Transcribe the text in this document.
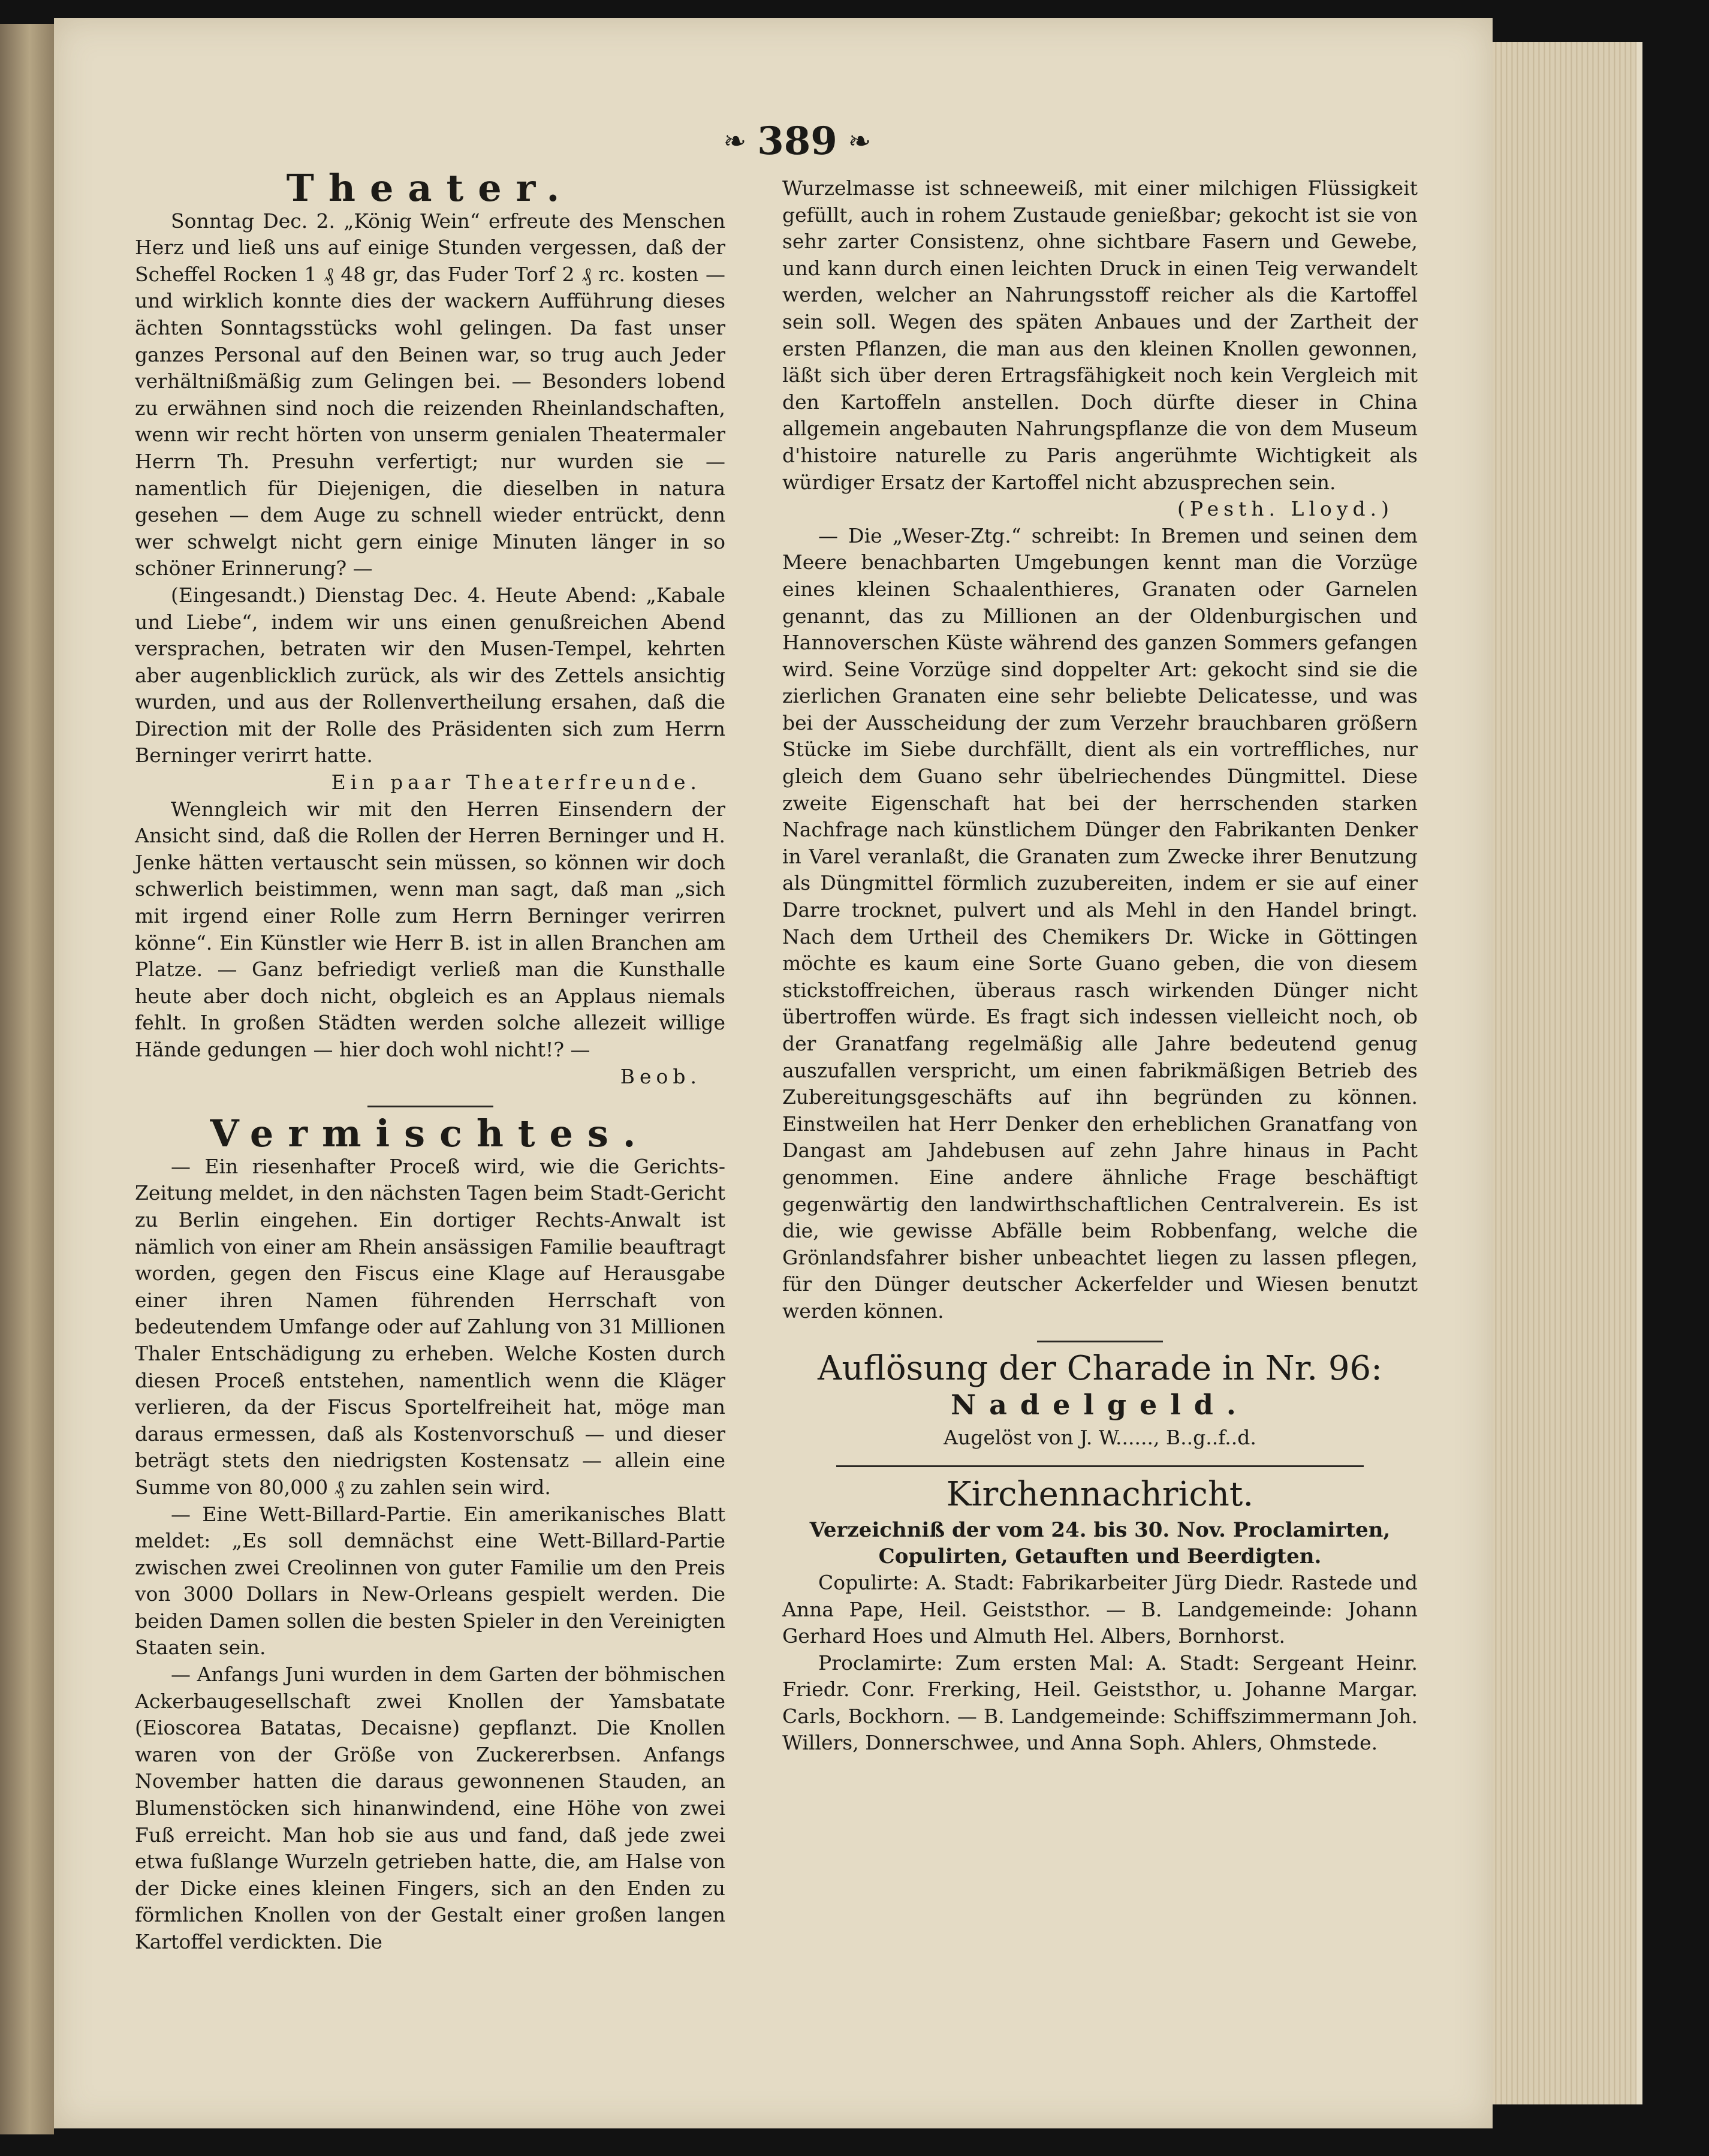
❧ 389 ❧
Theater.

Sonntag Dec. 2. „König Wein“ erfreute des Menschen Herz und ließ uns auf einige Stunden vergessen, daß der Scheffel Rocken 1 ₰ 48 gr, das Fuder Torf 2 ₰ rc. kosten — und wirklich konnte dies der wackern Aufführung dieses ächten Sonntagsstücks wohl gelingen. Da fast unser ganzes Personal auf den Beinen war, so trug auch Jeder verhältnißmäßig zum Gelingen bei. — Besonders lobend zu erwähnen sind noch die reizenden Rheinlandschaften, wenn wir recht hörten von unserm genialen Theatermaler Herrn Th. Presuhn verfertigt; nur wurden sie — namentlich für Diejenigen, die dieselben in natura gesehen — dem Auge zu schnell wieder entrückt, denn wer schwelgt nicht gern einige Minuten länger in so schöner Erinnerung? —

(Eingesandt.) Dienstag Dec. 4. Heute Abend: „Kabale und Liebe“, indem wir uns einen genußreichen Abend versprachen, betraten wir den Musen-Tempel, kehrten aber augenblicklich zurück, als wir des Zettels ansichtig wurden, und aus der Rollenvertheilung ersahen, daß die Direction mit der Rolle des Präsidenten sich zum Herrn Berninger verirrt hatte.

Ein paar Theaterfreunde.

Wenngleich wir mit den Herren Einsendern der Ansicht sind, daß die Rollen der Herren Berninger und H. Jenke hätten vertauscht sein müssen, so können wir doch schwerlich beistimmen, wenn man sagt, daß man „sich mit irgend einer Rolle zum Herrn Berninger verirren könne“. Ein Künstler wie Herr B. ist in allen Branchen am Platze. — Ganz befriedigt verließ man die Kunsthalle heute aber doch nicht, obgleich es an Applaus niemals fehlt. In großen Städten werden solche allezeit willige Hände gedungen — hier doch wohl nicht!? —

Beob.

Vermischtes.

— Ein riesenhafter Proceß wird, wie die Gerichts-Zeitung meldet, in den nächsten Tagen beim Stadt-Gericht zu Berlin eingehen. Ein dortiger Rechts-Anwalt ist nämlich von einer am Rhein ansässigen Familie beauftragt worden, gegen den Fiscus eine Klage auf Herausgabe einer ihren Namen führenden Herrschaft von bedeutendem Umfange oder auf Zahlung von 31 Millionen Thaler Entschädigung zu erheben. Welche Kosten durch diesen Proceß entstehen, namentlich wenn die Kläger verlieren, da der Fiscus Sportelfreiheit hat, möge man daraus ermessen, daß als Kostenvorschuß — und dieser beträgt stets den niedrigsten Kostensatz — allein eine Summe von 80,000 ₰ zu zahlen sein wird.

— Eine Wett-Billard-Partie. Ein amerikanisches Blatt meldet: „Es soll demnächst eine Wett-Billard-Partie zwischen zwei Creolinnen von guter Familie um den Preis von 3000 Dollars in New-Orleans gespielt werden. Die beiden Damen sollen die besten Spieler in den Vereinigten Staaten sein.

— Anfangs Juni wurden in dem Garten der böhmischen Ackerbaugesellschaft zwei Knollen der Yamsbatate (Eioscorea Batatas, Decaisne) gepflanzt. Die Knollen waren von der Größe von Zuckererbsen. Anfangs November hatten die daraus gewonnenen Stauden, an Blumenstöcken sich hinanwindend, eine Höhe von zwei Fuß erreicht. Man hob sie aus und fand, daß jede zwei etwa fußlange Wurzeln getrieben hatte, die, am Halse von der Dicke eines kleinen Fingers, sich an den Enden zu förmlichen Knollen von der Gestalt einer großen langen Kartoffel verdickten. Die

Wurzelmasse ist schneeweiß, mit einer milchigen Flüssigkeit gefüllt, auch in rohem Zustaude genießbar; gekocht ist sie von sehr zarter Consistenz, ohne sichtbare Fasern und Gewebe, und kann durch einen leichten Druck in einen Teig verwandelt werden, welcher an Nahrungsstoff reicher als die Kartoffel sein soll. Wegen des späten Anbaues und der Zartheit der ersten Pflanzen, die man aus den kleinen Knollen gewonnen, läßt sich über deren Ertragsfähigkeit noch kein Vergleich mit den Kartoffeln anstellen. Doch dürfte dieser in China allgemein angebauten Nahrungspflanze die von dem Museum d'histoire naturelle zu Paris angerühmte Wichtigkeit als würdiger Ersatz der Kartoffel nicht abzusprechen sein.

(Pesth. Lloyd.)

— Die „Weser-Ztg.“ schreibt: In Bremen und seinen dem Meere benachbarten Umgebungen kennt man die Vorzüge eines kleinen Schaalenthieres, Granaten oder Garnelen genannt, das zu Millionen an der Oldenburgischen und Hannoverschen Küste während des ganzen Sommers gefangen wird. Seine Vorzüge sind doppelter Art: gekocht sind sie die zierlichen Granaten eine sehr beliebte Delicatesse, und was bei der Ausscheidung der zum Verzehr brauchbaren größern Stücke im Siebe durchfällt, dient als ein vortreffliches, nur gleich dem Guano sehr übelriechendes Düngmittel. Diese zweite Eigenschaft hat bei der herrschenden starken Nachfrage nach künstlichem Dünger den Fabrikanten Denker in Varel veranlaßt, die Granaten zum Zwecke ihrer Benutzung als Düngmittel förmlich zuzubereiten, indem er sie auf einer Darre trocknet, pulvert und als Mehl in den Handel bringt. Nach dem Urtheil des Chemikers Dr. Wicke in Göttingen möchte es kaum eine Sorte Guano geben, die von diesem stickstoffreichen, überaus rasch wirkenden Dünger nicht übertroffen würde. Es fragt sich indessen vielleicht noch, ob der Granatfang regelmäßig alle Jahre bedeutend genug auszufallen verspricht, um einen fabrikmäßigen Betrieb des Zubereitungsgeschäfts auf ihn begründen zu können. Einstweilen hat Herr Denker den erheblichen Granatfang von Dangast am Jahdebusen auf zehn Jahre hinaus in Pacht genommen. Eine andere ähnliche Frage beschäftigt gegenwärtig den landwirthschaftlichen Centralverein. Es ist die, wie gewisse Abfälle beim Robbenfang, welche die Grönlandsfahrer bisher unbeachtet liegen zu lassen pflegen, für den Dünger deutscher Ackerfelder und Wiesen benutzt werden können.

Auflösung der Charade in Nr. 96:
Nadelgeld.
Augelöst von J. W......, B..g..f..d.
Kirchennachricht.
Verzeichniß der vom 24. bis 30. Nov. Proclamirten, Copulirten, Getauften und Beerdigten.

Copulirte: A. Stadt: Fabrikarbeiter Jürg Diedr. Rastede und Anna Pape, Heil. Geiststhor. — B. Landgemeinde: Johann Gerhard Hoes und Almuth Hel. Albers, Bornhorst.

Proclamirte: Zum ersten Mal: A. Stadt: Sergeant Heinr. Friedr. Conr. Frerking, Heil. Geiststhor, u. Johanne Margar. Carls, Bockhorn. — B. Landgemeinde: Schiffszimmermann Joh. Willers, Donnerschwee, und Anna Soph. Ahlers, Ohmstede.
